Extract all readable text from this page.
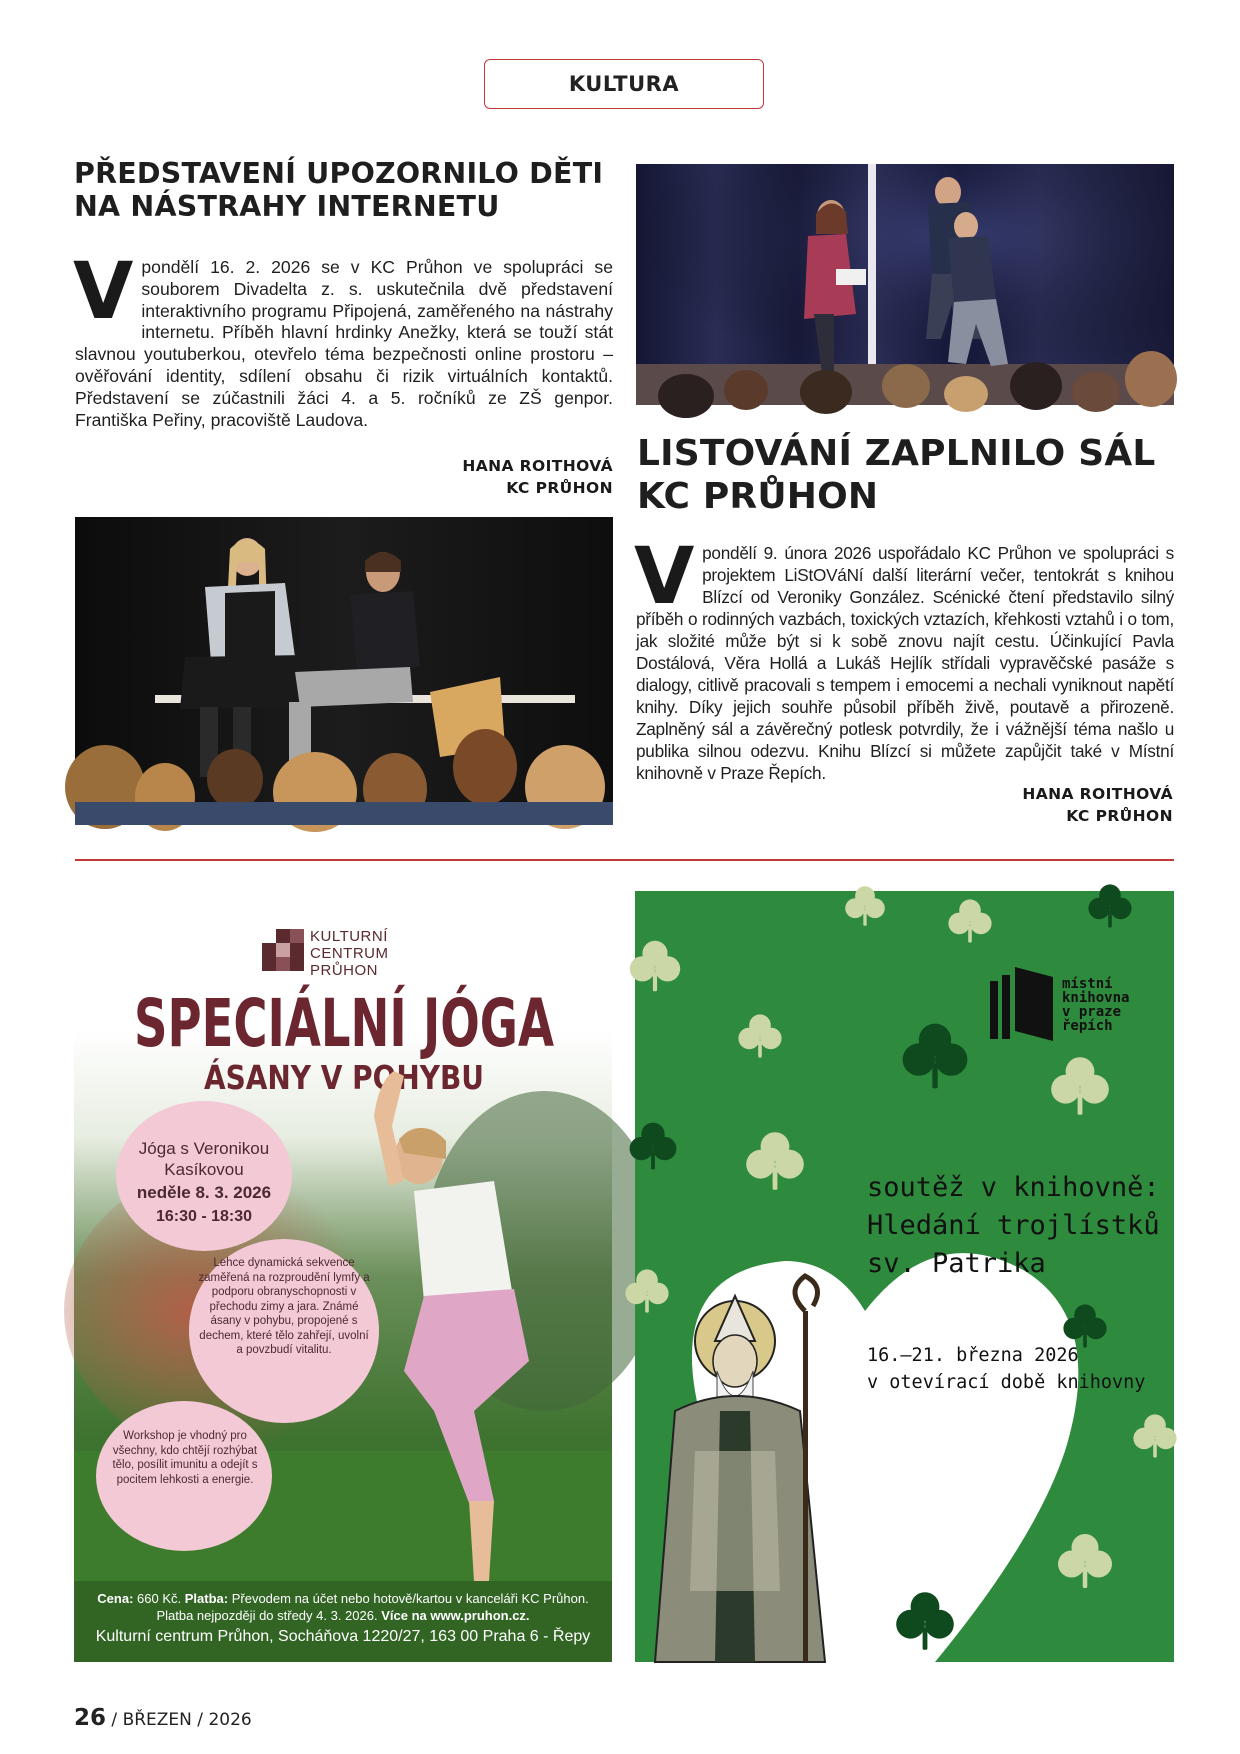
KULTURA
PŘEDSTAVENÍ UPOZORNILO DĚTI
NA NÁSTRAHY INTERNETU
Vpondělí 16. 2. 2026 se v KC Průhon ve spolupráci se souborem Divadelta z. s. uskutečnila dvě představení interaktivního programu Připojená, zaměřeného na nástrahy internetu. Příběh hlavní hrdinky Anežky, která se touží stát slavnou youtuberkou, otevřelo téma bezpečnosti online prostoru – ověřování identity, sdílení obsahu či rizik virtuálních kontaktů. Představení se zúčastnili žáci 4. a 5. ročníků ze ZŠ genpor. Františka Peřiny, pracoviště Laudova.
HANA ROITHOVÁ
KC PRŮHON
LISTOVÁNÍ ZAPLNILO SÁL
KC PRŮHON
Vpondělí 9. února 2026 uspořádalo KC Průhon ve spolupráci s projektem LiStOVáNí další literární večer, tentokrát s knihou Blízcí od Veroniky González. Scénické čtení představilo silný příběh o rodinných vazbách, toxických vztazích, křehkosti vztahů i o tom, jak složité může být si k sobě znovu najít cestu. Účinkující Pavla Dostálová, Věra Hollá a Lukáš Hejlík střídali vypravěčské pasáže s dialogy, citlivě pracovali s tempem i emocemi a nechali vyniknout napětí knihy. Díky jejich souhře působil příběh živě, poutavě a přirozeně. Zaplněný sál a závěrečný potlesk potvrdily, že i vážnější téma našlo u publika silnou odezvu. Knihu Blízcí si můžete zapůjčit také v Místní knihovně v Praze Řepích.
HANA ROITHOVÁ
KC PRŮHON
KULTURNÍ
CENTRUM
PRŮHON
SPECIÁLNÍ JÓGA
ÁSANY V POHYBU
Jóga s Veronikou
Kasíkovou
neděle 8. 3. 2026
16:30 - 18:30
Lehce dynamická sekvence zaměřená na rozproudění lymfy a podporu obranyschopnosti v přechodu zimy a jara. Známé ásany v pohybu, propojené s dechem, které tělo zahřejí, uvolní a povzbudí vitalitu.
Workshop je vhodný pro všechny, kdo chtějí rozhýbat tělo, posílit imunitu a odejít s pocitem lehkosti a energie.
Cena: 660 Kč. Platba: Převodem na účet nebo hotově/kartou v kanceláři KC Průhon.
Platba nejpozději do středy 4. 3. 2026. Více na www.pruhon.cz.
Kulturní centrum Průhon, Socháňova 1220/27, 163 00 Praha 6 - Řepy
místní
knihovna
v praze
řepích
soutěž v knihovně:
Hledání trojlístků
sv. Patrika
16.–21. března 2026
v otevírací době knihovny
26 / BŘEZEN / 2026
